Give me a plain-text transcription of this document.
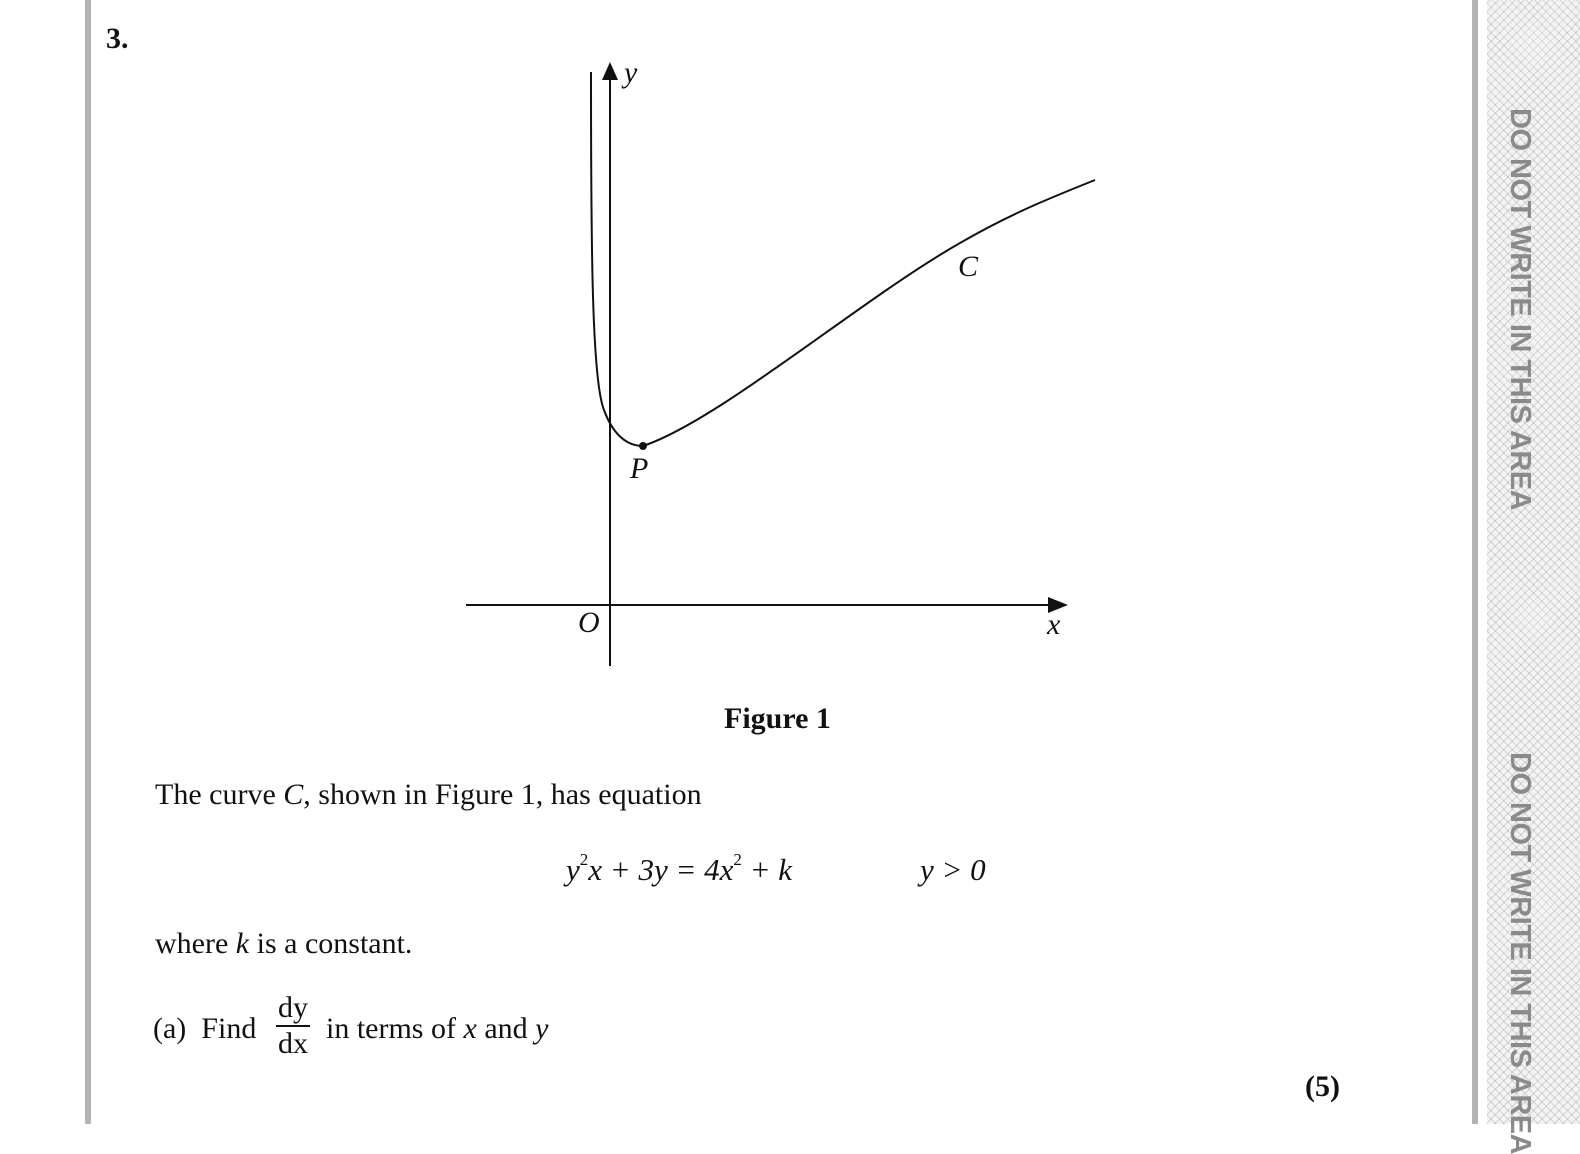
DO NOT WRITE IN THIS AREA
DO NOT WRITE IN THIS AREA
3.
y
x
O
C
P
Figure 1
The curve C, shown in Figure 1, has equation
$y^2x + 3y = 4x^2 + k$	y > 0
where k is a constant.
(a) Find
dy
dx in terms of x and y
(5)
